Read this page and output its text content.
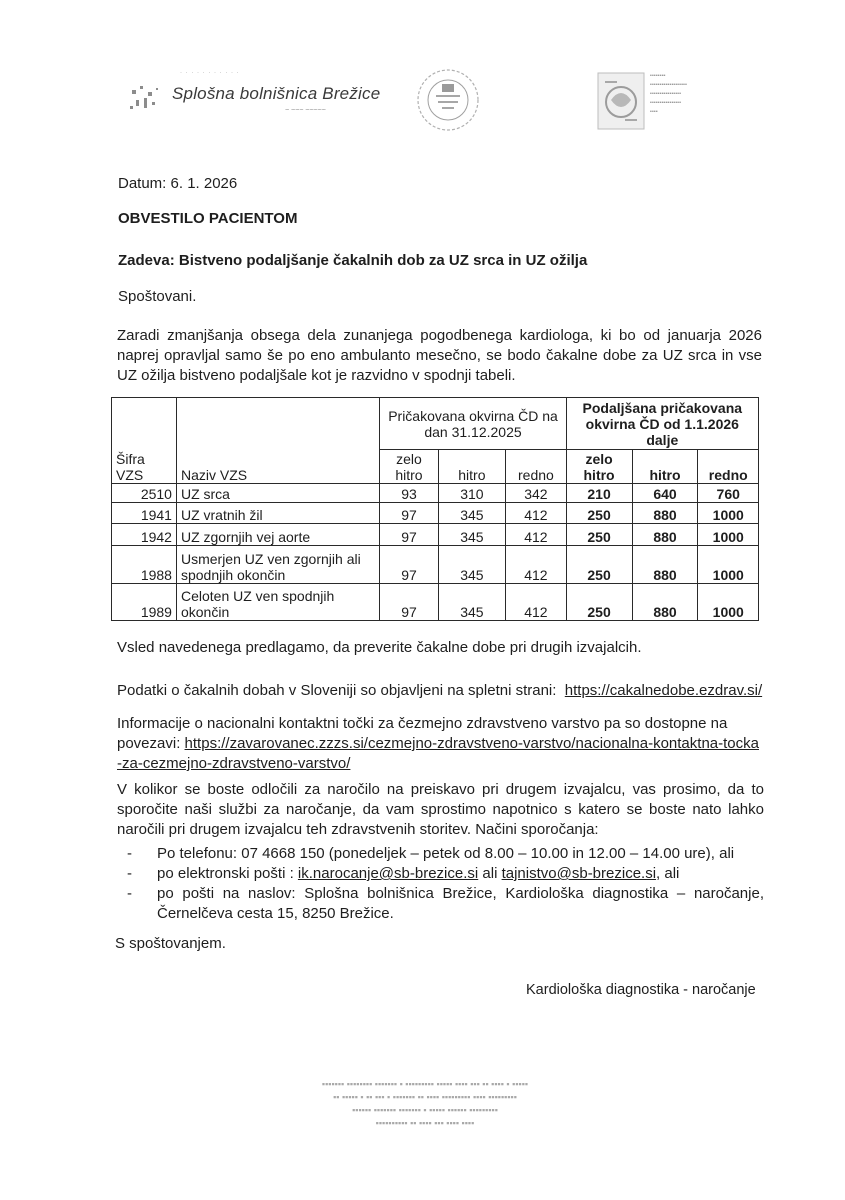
· · · · · · · · · · ·
Splošna bolnišnica Brežice
~ ~~~ ~~~~~
▪▪▪▪▪▪▪▪
▪▪▪▪▪▪▪▪▪▪▪▪▪▪▪▪▪▪▪
▪▪▪▪▪▪▪▪▪▪▪▪▪▪▪▪
▪▪▪▪▪▪▪▪▪▪▪▪▪▪▪▪
▪▪▪▪
Datum: 6. 1. 2026
OBVESTILO PACIENTOM
Zadeva: Bistveno podaljšanje čakalnih dob za UZ srca in UZ ožilja
Spoštovani.
Zaradi zmanjšanja obsega dela zunanjega pogodbenega kardiologa, ki bo od januarja 2026 naprej opravljal samo še po eno ambulanto mesečno, se bodo čakalne dobe za UZ srca in vse UZ ožilja bistveno podaljšale kot je razvidno v spodnji tabeli.
Šifra VZS	Naziv VZS	Pričakovana okvirna ČD na dan 31.12.2025			Podaljšana pričakovana okvirna ČD od 1.1.2026 dalje		
		zelo hitro	hitro	redno	zelo hitro	hitro	redno
2510	UZ srca	93	310	342	210	640	760
1941	UZ vratnih žil	97	345	412	250	880	1000
1942	UZ zgornjih vej aorte	97	345	412	250	880	1000
1988	Usmerjen UZ ven zgornjih ali spodnjih okončin	97	345	412	250	880	1000
1989	Celoten UZ ven spodnjih okončin	97	345	412	250	880	1000
Vsled navedenega predlagamo, da preverite čakalne dobe pri drugih izvajalcih.
Podatki o čakalnih dobah v Sloveniji so objavljeni na spletni strani: https://cakalnedobe.ezdrav.si/
Informacije o nacionalni kontaktni točki za čezmejno zdravstveno varstvo pa so dostopne na povezavi: https://zavarovanec.zzzs.si/cezmejno-zdravstveno-varstvo/nacionalna-kontaktna-tocka-za-cezmejno-zdravstveno-varstvo/
V kolikor se boste odločili za naročilo na preiskavo pri drugem izvajalcu, vas prosimo, da to sporočite naši službi za naročanje, da vam sprostimo napotnico s katero se boste nato lahko naročili pri drugem izvajalcu teh zdravstvenih storitev. Načini sporočanja:
-	Po telefonu: 07 4668 150 (ponedeljek – petek od 8.00 – 10.00 in 12.00 – 14.00 ure), ali
-	po elektronski pošti : ik.narocanje@sb-brezice.si ali tajnistvo@sb-brezice.si, ali
-	po pošti na naslov: Splošna bolnišnica Brežice, Kardiološka diagnostika – naročanje, Černelčeva cesta 15, 8250 Brežice.
S spoštovanjem.
Kardiološka diagnostika - naročanje
▪▪▪▪▪▪▪ ▪▪▪▪▪▪▪▪ ▪▪▪▪▪▪▪ ▪ ▪▪▪▪▪▪▪▪▪ ▪▪▪▪▪ ▪▪▪▪ ▪▪▪ ▪▪ ▪▪▪▪ ▪ ▪▪▪▪▪
▪▪ ▪▪▪▪▪ ▪ ▪▪ ▪▪▪ ▪ ▪▪▪▪▪▪▪ ▪▪ ▪▪▪▪ ▪▪▪▪▪▪▪▪▪ ▪▪▪▪ ▪▪▪▪▪▪▪▪▪
▪▪▪▪▪▪ ▪▪▪▪▪▪▪ ▪▪▪▪▪▪▪ ▪ ▪▪▪▪▪ ▪▪▪▪▪▪ ▪▪▪▪▪▪▪▪▪
▪▪▪▪▪▪▪▪▪▪ ▪▪ ▪▪▪▪ ▪▪▪ ▪▪▪▪ ▪▪▪▪
